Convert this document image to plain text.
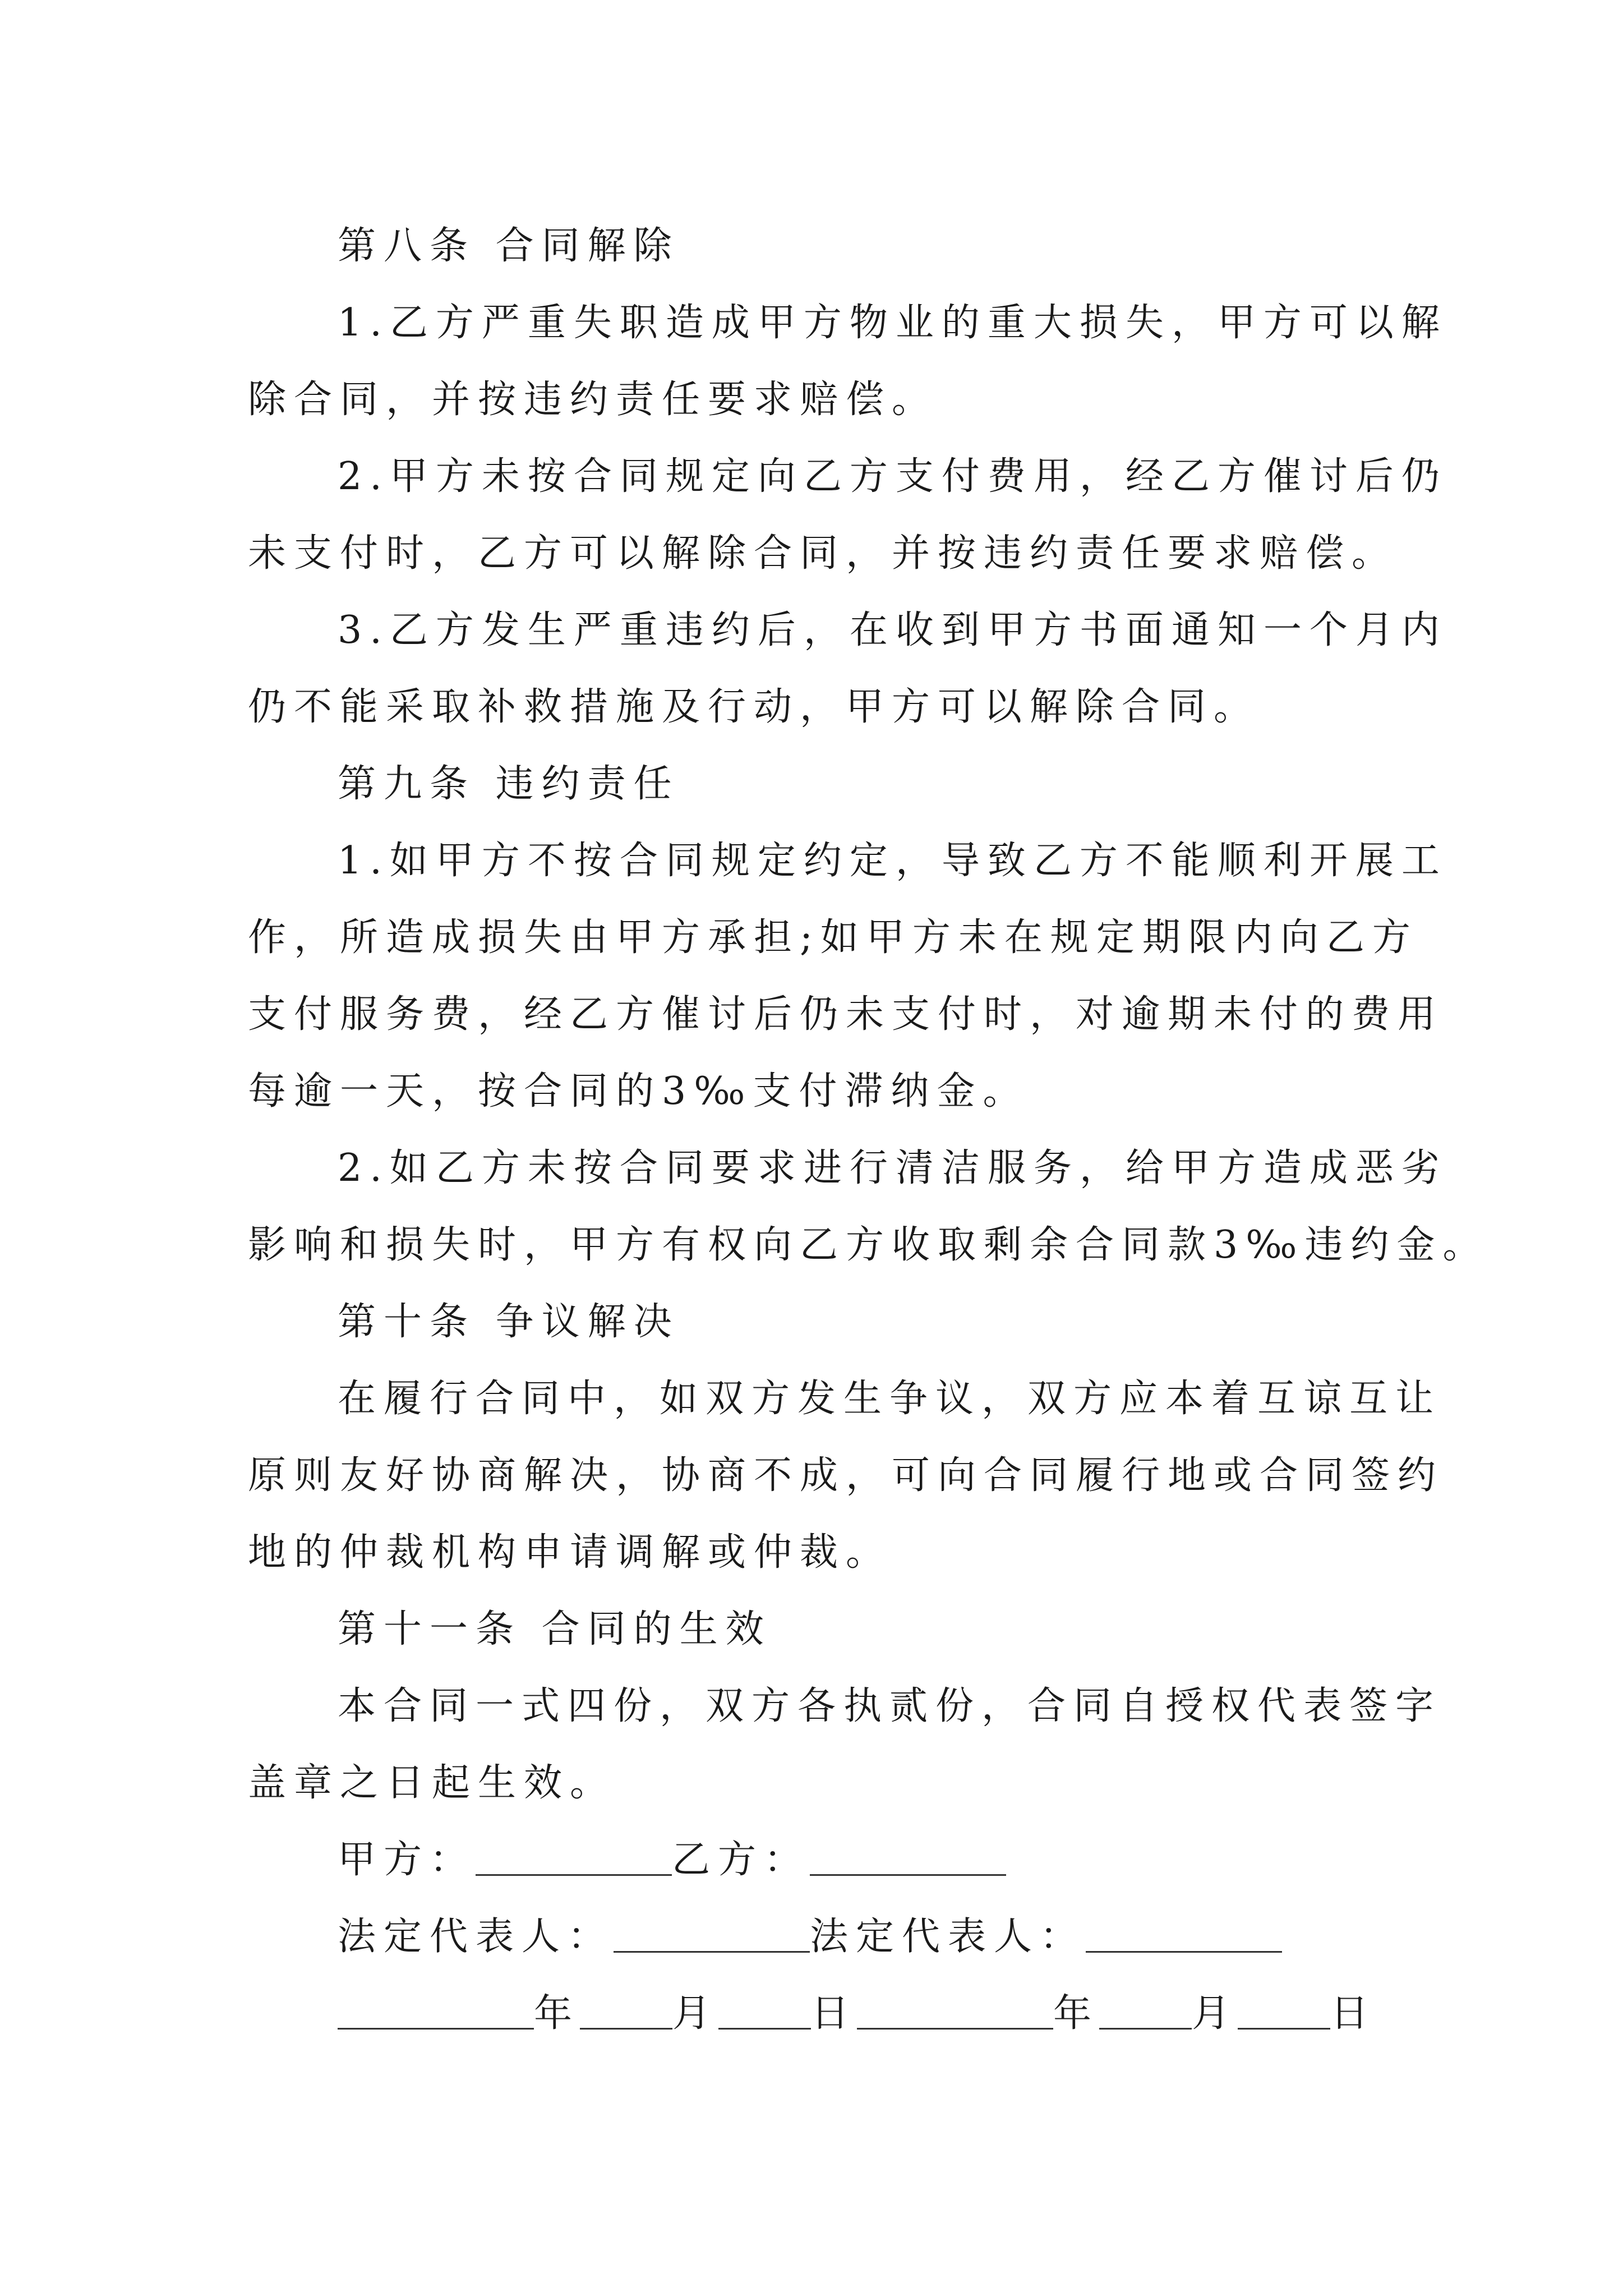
第八条 合同解除
1.乙方严重失职造成甲方物业的重大损失，甲方可以解
除合同，并按违约责任要求赔偿。
2.甲方未按合同规定向乙方支付费用，经乙方催讨后仍
未支付时，乙方可以解除合同，并按违约责任要求赔偿。
3.乙方发生严重违约后，在收到甲方书面通知一个月内
仍不能采取补救措施及行动，甲方可以解除合同。
第九条 违约责任
1.如甲方不按合同规定约定，导致乙方不能顺利开展工
作，所造成损失由甲方承担;如甲方未在规定期限内向乙方
支付服务费，经乙方催讨后仍未支付时，对逾期未付的费用
每逾一天，按合同的3‰支付滞纳金。
2.如乙方未按合同要求进行清洁服务，给甲方造成恶劣
影响和损失时，甲方有权向乙方收取剩余合同款3‰违约金。
第十条 争议解决
在履行合同中，如双方发生争议，双方应本着互谅互让
原则友好协商解决，协商不成，可向合同履行地或合同签约
地的仲裁机构申请调解或仲裁。
第十一条 合同的生效
本合同一式四份，双方各执贰份，合同自授权代表签字
盖章之日起生效。
甲方：	乙方：
法定代表人：	法定代表人：
年 月 日	年 月 日
